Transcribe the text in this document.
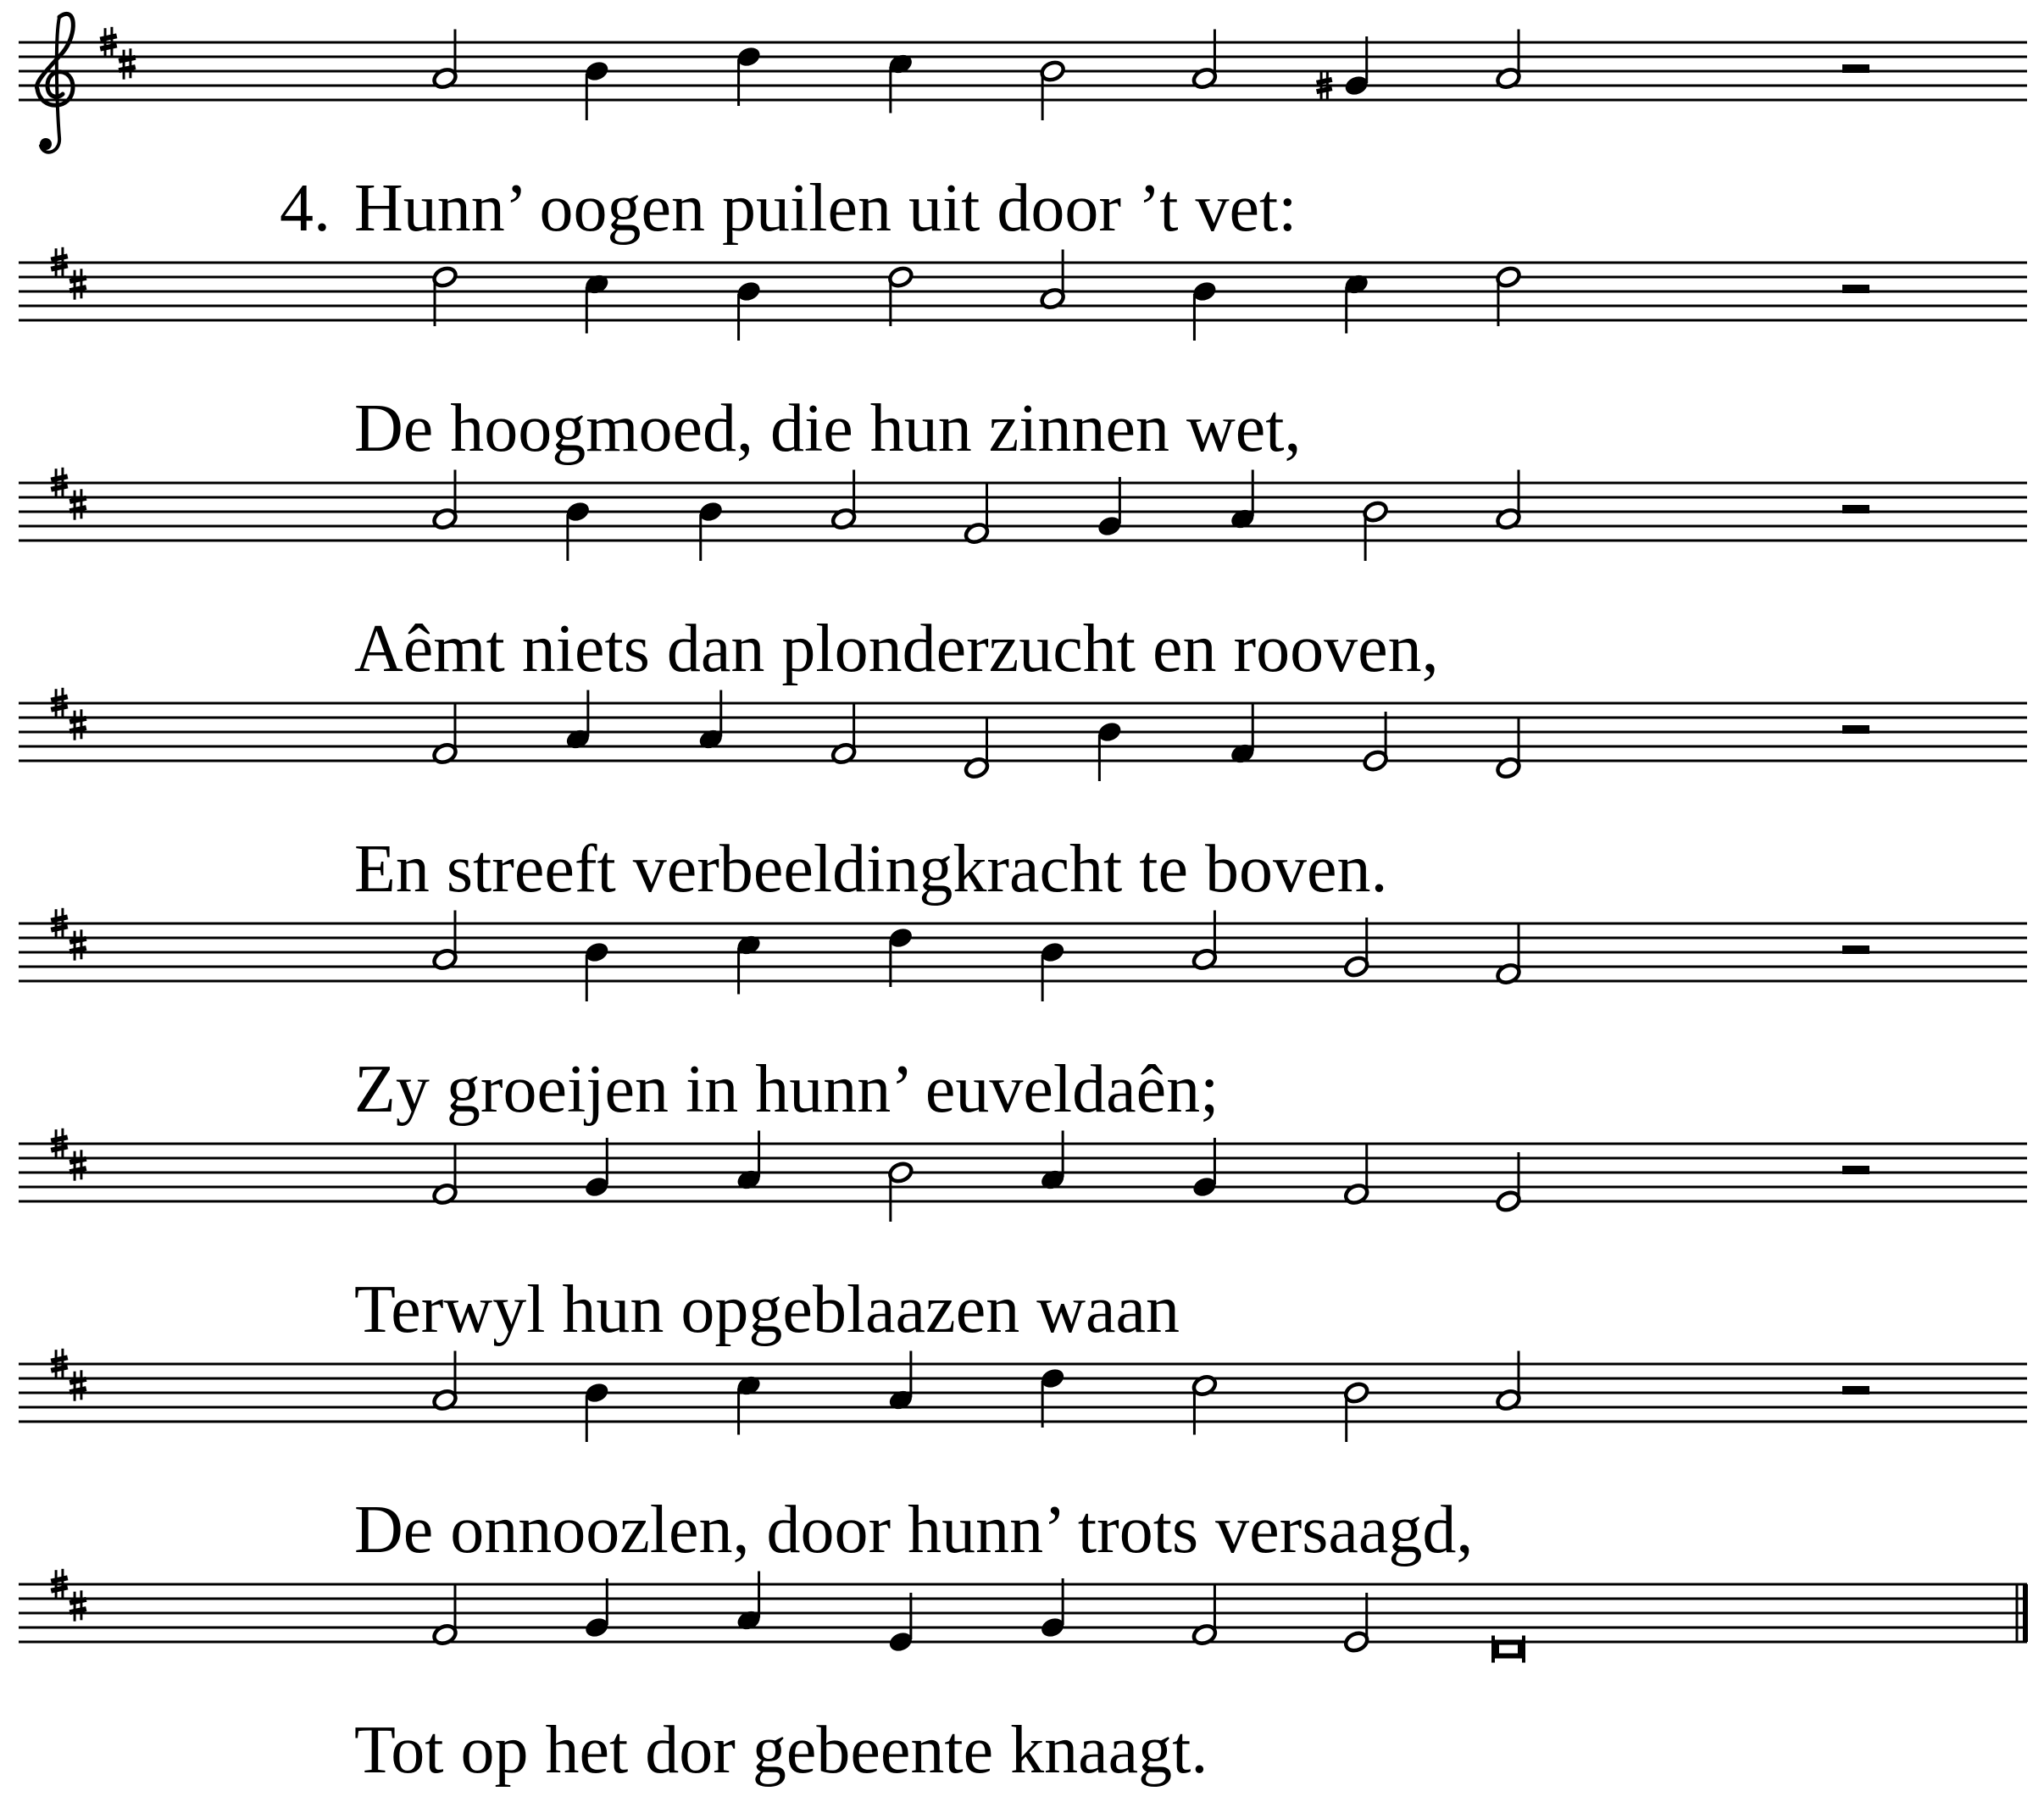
4. Hunn’ oogen puilen uit door ’t vet:
De hoogmoed, die hun zinnen wet,
Aêmt niets dan plonderzucht en rooven,
En streeft verbeeldingkracht te boven.
Zy groeijen in hunn’ euveldaên;
Terwyl hun opgeblaazen waan
De onnoozlen, door hunn’ trots versaagd,
Tot op het dor gebeente knaagt.
